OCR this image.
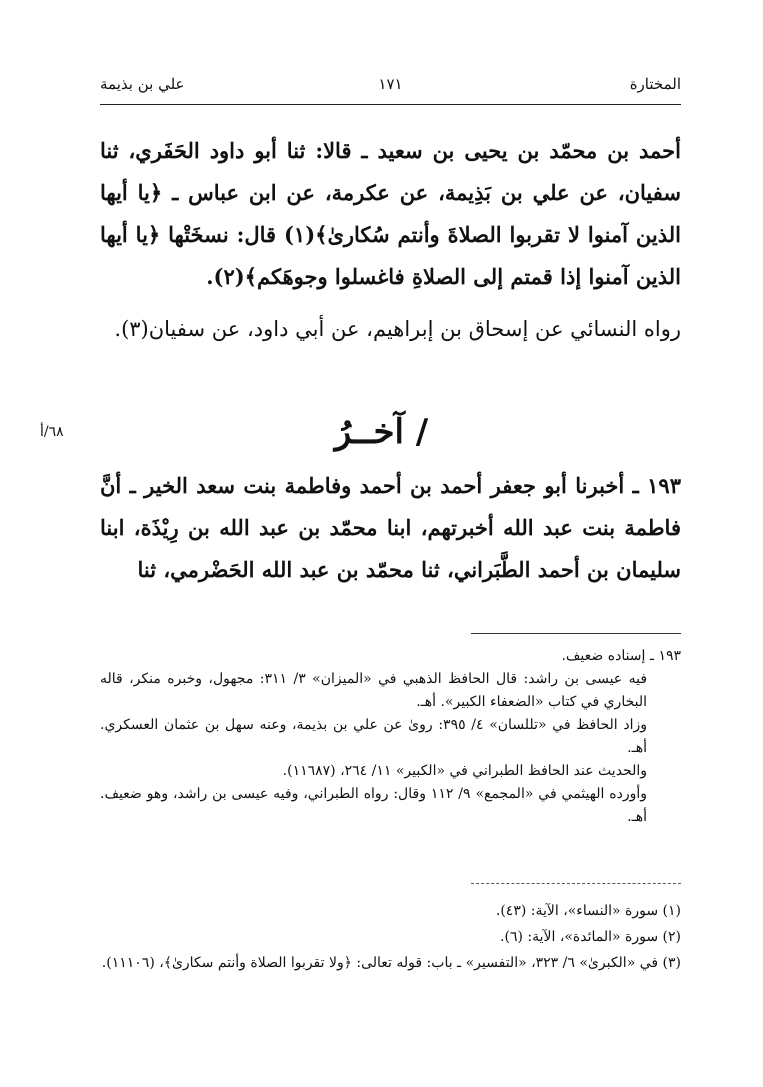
المختارة
١٧١
علي بن بذيمة
أحمد بن محمّد بن يحيى بن سعيد ـ قالا: ثنا أبو داود الحَفَري، ثنا سفيان، عن علي بن بَذِيمة، عن عكرمة، عن ابن عباس ـ ﴿يا أيها الذين آمنوا لا تقربوا الصلاةَ وأنتم سُكارىٰ﴾(١) قال: نسخَتْها ﴿يا أيها الذين آمنوا إذا قمتم إلى الصلاةِ فاغسلوا وجوهَكم﴾(٢).
رواه النسائي عن إسحاق بن إبراهيم، عن أبي داود، عن سفيان(٣).
/ آخــرُ
٦٨/أ
١٩٣ ـ أخبرنا أبو جعفر أحمد بن أحمد وفاطمة بنت سعد الخير ـ أنَّ فاطمة بنت عبد الله أخبرتهم، ابنا محمّد بن عبد الله بن رِيْذَة، ابنا سليمان بن أحمد الطَّبَراني، ثنا محمّد بن عبد الله الحَضْرمي، ثنا
١٩٣ ـ إسناده ضعيف.
فيه عيسى بن راشد: قال الحافظ الذهبي في «الميزان» ٣/ ٣١١: مجهول، وخبره منكر، قاله البخاري في كتاب «الضعفاء الكبير». أهـ.
وزاد الحافظ في «تللسان» ٤/ ٣٩٥: روىٰ عن علي بن بذيمة، وعنه سهل بن عثمان العسكري. أهـ.
والحديث عند الحافظ الطبراني في «الكبير» ١١/ ٢٦٤، (١١٦٨٧).
وأورده الهيثمي في «المجمع» ٩/ ١١٢ وقال: رواه الطبراني، وفيه عيسى بن راشد، وهو ضعيف. أهـ.
(١) سورة «النساء»، الآية: (٤٣).
(٢) سورة «المائدة»، الآية: (٦).
(٣) في «الكبرىٰ» ٦/ ٣٢٣، «التفسير» ـ باب: قوله تعالى: ﴿ولا تقربوا الصلاة وأنتم سكارىٰ﴾، (١١١٠٦).
